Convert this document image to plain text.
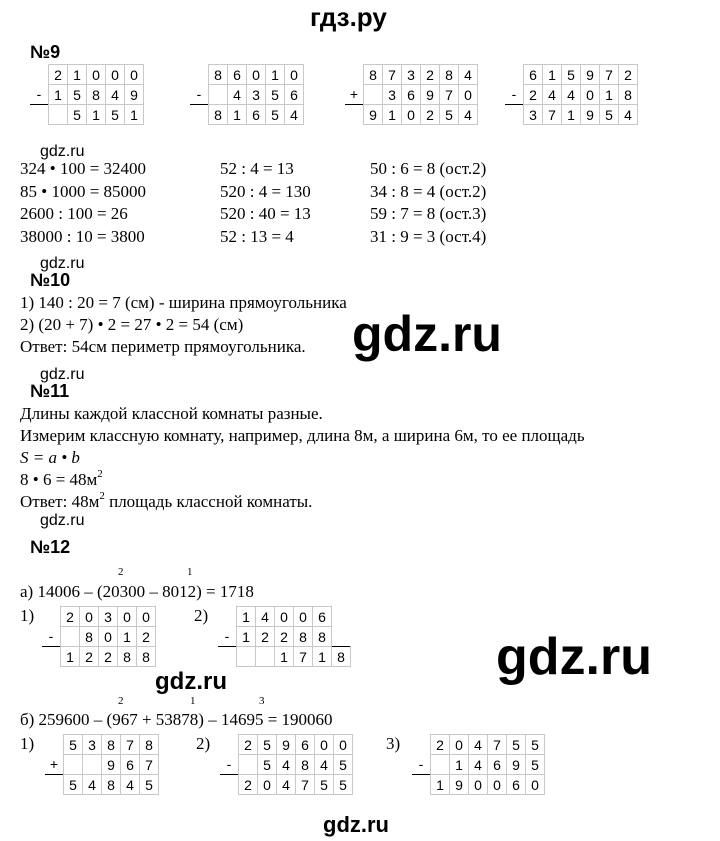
гдз.ру
№9
	2	1	0	0	0
-	1	5	8	4	9
		5	1	5	1
	8	6	0	1	0
-		4	3	5	6
	8	1	6	5	4
	8	7	3	2	8	4
+		3	6	9	7	0
	9	1	0	2	5	4
	6	1	5	9	7	2
-	2	4	4	0	1	8
	3	7	1	9	5	4
324 • 100 = 32400
85 • 1000 = 85000
2600 : 100 = 26
38000 : 10 = 3800
52 : 4 = 13
520 : 4 = 130
520 : 40 = 13
52 : 13 = 4
50 : 6 = 8 (ост.2)
34 : 8 = 4 (ост.2)
59 : 7 = 8 (ост.3)
31 : 9 = 3 (ост.4)
gdz.ru
gdz.ru
№10
1) 140 : 20 = 7 (см) - ширина прямоугольника
2) (20 + 7) • 2 = 27 • 2 = 54 (см)
Ответ: 54см периметр прямоугольника. gdz.ru
gdz.ru
№11
Длины каждой классной комнаты разные.
Измерим классную комнату, например, длина 8м, а ширина 6м, то ее площадь
S = a • b
8 • $6 = 48м^2$
Ответ: $48м^2$ площадь классной комнаты.
gdz.ru
№12
2	1
а) 14006 – (20300 – 8012) = 1718
1)	2)
	2	0	3	0	0
-		8	0	1	2
	1	2	2	8	8
	1	4	0	0	6	
-	1	2	2	8	8	
			1	7	1	8	gdz.ru
gdz.ru
2	1	3
б) 259600 – (967 + 53878) – 14695 = 190060
1)	2)	3)
	5	3	8	7	8
+			9	6	7
	5	4	8	4	5
	2	5	9	6	0	0
-		5	4	8	4	5
	2	0	4	7	5	5
	2	0	4	7	5	5
-		1	4	6	9	5
	1	9	0	0	6	0
gdz.ru
